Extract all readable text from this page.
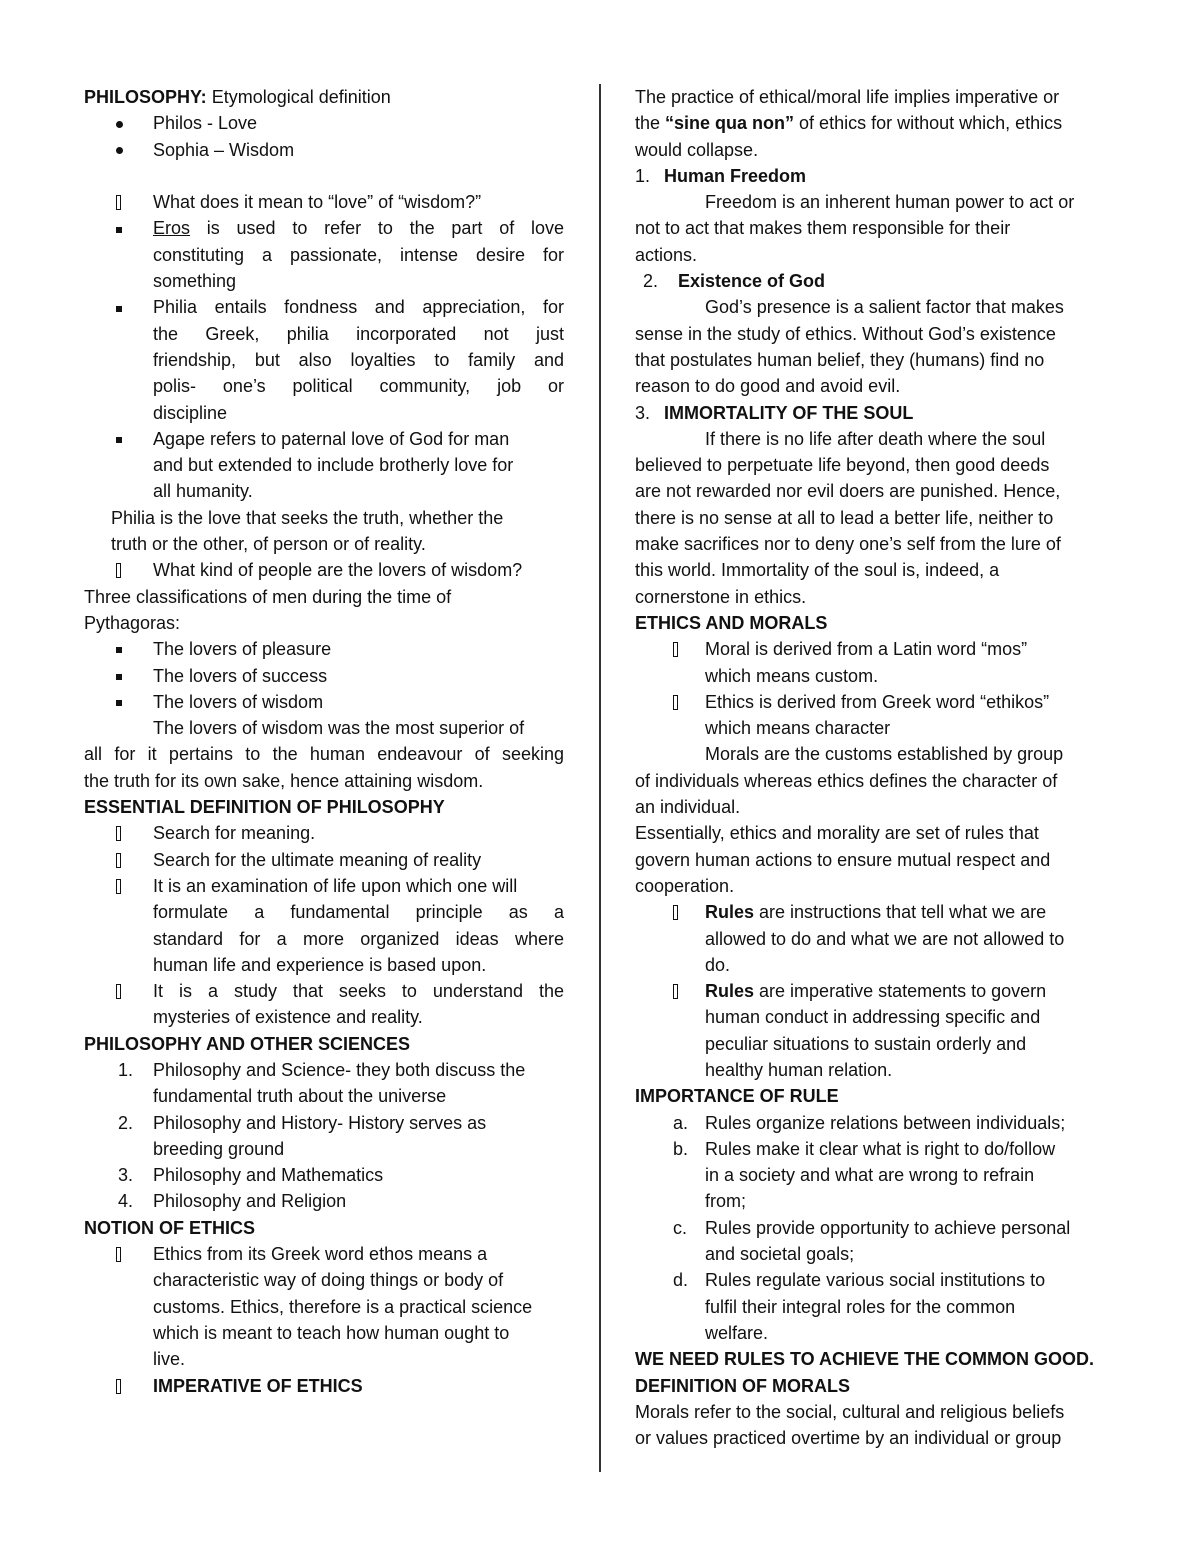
PHILOSOPHY: Etymological definition
Philos - Love
Sophia – Wisdom
What does it mean to “love” of “wisdom?”
Eros is used to refer to the part of love
constituting a passionate, intense desire for
something
Philia entails fondness and appreciation, for
the Greek, philia incorporated not just
friendship, but also loyalties to family and
polis- one’s political community, job or
discipline
Agape refers to paternal love of God for man
and but extended to include brotherly love for
all humanity.
Philia is the love that seeks the truth, whether the
truth or the other, of person or of reality.
What kind of people are the lovers of wisdom?
Three classifications of men during the time of
Pythagoras:
The lovers of pleasure
The lovers of success
The lovers of wisdom
The lovers of wisdom was the most superior of
all for it pertains to the human endeavour of seeking
the truth for its own sake, hence attaining wisdom.
ESSENTIAL DEFINITION OF PHILOSOPHY
Search for meaning.
Search for the ultimate meaning of reality
It is an examination of life upon which one will
formulate a fundamental principle as a
standard for a more organized ideas where
human life and experience is based upon.
It is a study that seeks to understand the
mysteries of existence and reality.
PHILOSOPHY AND OTHER SCIENCES
1. Philosophy and Science- they both discuss the
fundamental truth about the universe
2. Philosophy and History- History serves as
breeding ground
3. Philosophy and Mathematics
4. Philosophy and Religion
NOTION OF ETHICS
Ethics from its Greek word ethos means a
characteristic way of doing things or body of
customs. Ethics, therefore is a practical science
which is meant to teach how human ought to
live.
IMPERATIVE OF ETHICS
The practice of ethical/moral life implies imperative or
the “sine qua non” of ethics for without which, ethics
would collapse.
1. Human Freedom
Freedom is an inherent human power to act or
not to act that makes them responsible for their
actions.
2. Existence of God
God’s presence is a salient factor that makes
sense in the study of ethics. Without God’s existence
that postulates human belief, they (humans) find no
reason to do good and avoid evil.
3. IMMORTALITY OF THE SOUL
If there is no life after death where the soul
believed to perpetuate life beyond, then good deeds
are not rewarded nor evil doers are punished. Hence,
there is no sense at all to lead a better life, neither to
make sacrifices nor to deny one’s self from the lure of
this world. Immortality of the soul is, indeed, a
cornerstone in ethics.
ETHICS AND MORALS
Moral is derived from a Latin word “mos”
which means custom.
Ethics is derived from Greek word “ethikos”
which means character
Morals are the customs established by group
of individuals whereas ethics defines the character of
an individual.
Essentially, ethics and morality are set of rules that
govern human actions to ensure mutual respect and
cooperation.
Rules are instructions that tell what we are
allowed to do and what we are not allowed to
do.
Rules are imperative statements to govern
human conduct in addressing specific and
peculiar situations to sustain orderly and
healthy human relation.
IMPORTANCE OF RULE
a. Rules organize relations between individuals;
b. Rules make it clear what is right to do/follow
in a society and what are wrong to refrain
from;
c. Rules provide opportunity to achieve personal
and societal goals;
d. Rules regulate various social institutions to
fulfil their integral roles for the common
welfare.
WE NEED RULES TO ACHIEVE THE COMMON GOOD.
DEFINITION OF MORALS
Morals refer to the social, cultural and religious beliefs
or values practiced overtime by an individual or group
